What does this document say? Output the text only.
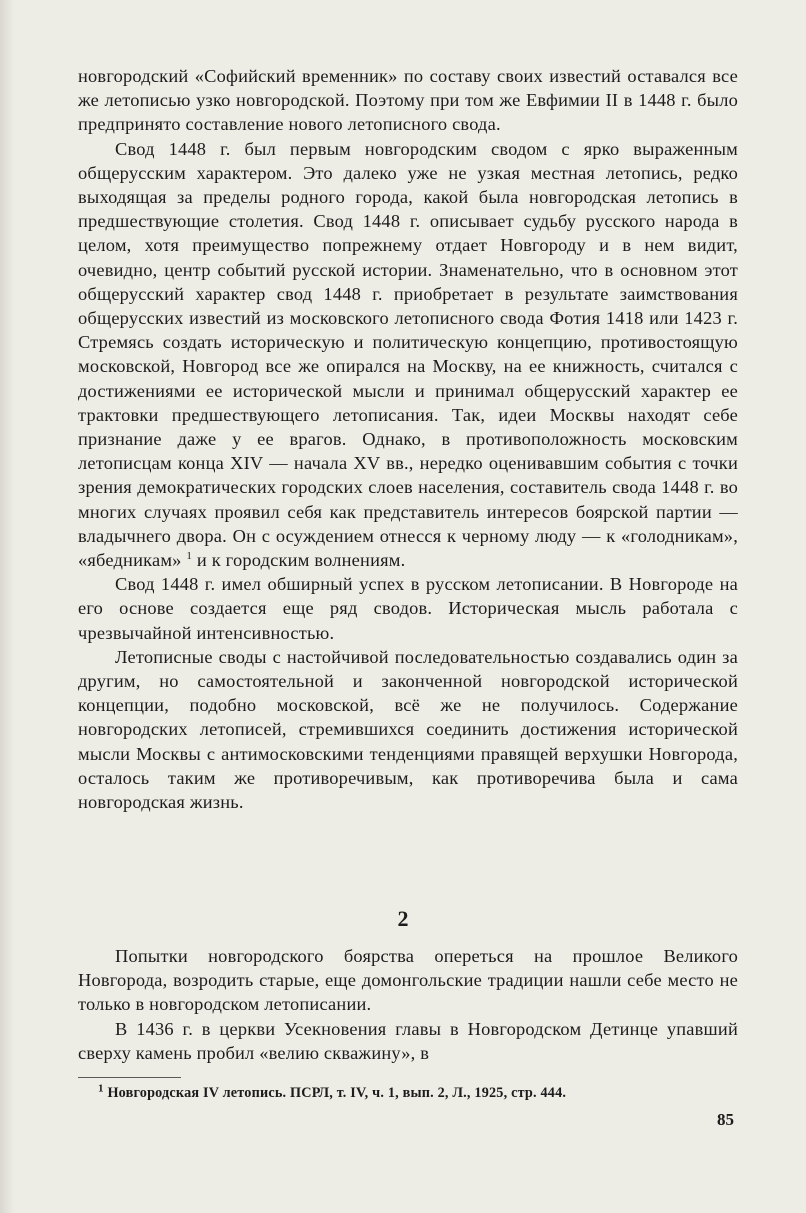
новгородский «Софийский временник» по составу своих известий оставался все же летописью узко новгородской. Поэтому при том же Евфимии II в 1448 г. было предпринято составление нового летописного свода.

Свод 1448 г. был первым новгородским сводом с ярко выраженным общерусским характером. Это далеко уже не узкая местная летопись, редко выходящая за пределы родного города, какой была новгородская летопись в предшествующие столетия. Свод 1448 г. описывает судьбу русского народа в целом, хотя преимущество попрежнему отдает Новгороду и в нем видит, очевидно, центр событий русской истории. Знаменательно, что в основном этот общерусский характер свод 1448 г. приобретает в результате заимствования общерусских известий из московского летописного свода Фотия 1418 или 1423 г. Стремясь создать историческую и политическую концепцию, противостоящую московской, Новгород все же опирался на Москву, на ее книжность, считался с достижениями ее исторической мысли и принимал общерусский характер ее трактовки предшествующего летописания. Так, идеи Москвы находят себе признание даже у ее врагов. Однако, в противоположность московским летописцам конца XIV — начала XV вв., нередко оценивавшим события с точки зрения демократических городских слоев населения, составитель свода 1448 г. во многих случаях проявил себя как представитель интересов боярской партии — владычнего двора. Он с осуждением отнесся к черному люду — к «голодникам», «ябедникам» $^1$ и к городским волнениям.

Свод 1448 г. имел обширный успех в русском летописании. В Новгороде на его основе создается еще ряд сводов. Историческая мысль работала с чрезвычайной интенсивностью.

Летописные своды с настойчивой последовательностью создавались один за другим, но самостоятельной и законченной новгородской исторической концепции, подобно московской, всё же не получилось. Содержание новгородских летописей, стремившихся соединить достижения исторической мысли Москвы с антимосковскими тенденциями правящей верхушки Новгорода, осталось таким же противоречивым, как противоречива была и сама новгородская жизнь.

2

Попытки новгородского боярства опереться на прошлое Великого Новгорода, возродить старые, еще домонгольские традиции нашли себе место не только в новгородском летописании.

В 1436 г. в церкви Усекновения главы в Новгородском Детинце упавший сверху камень пробил «велию скважину», в

$^1$ Новгородская IV летопись. ПСРЛ, т. IV, ч. 1, вып. 2, Л., 1925, стр. 444.
85
